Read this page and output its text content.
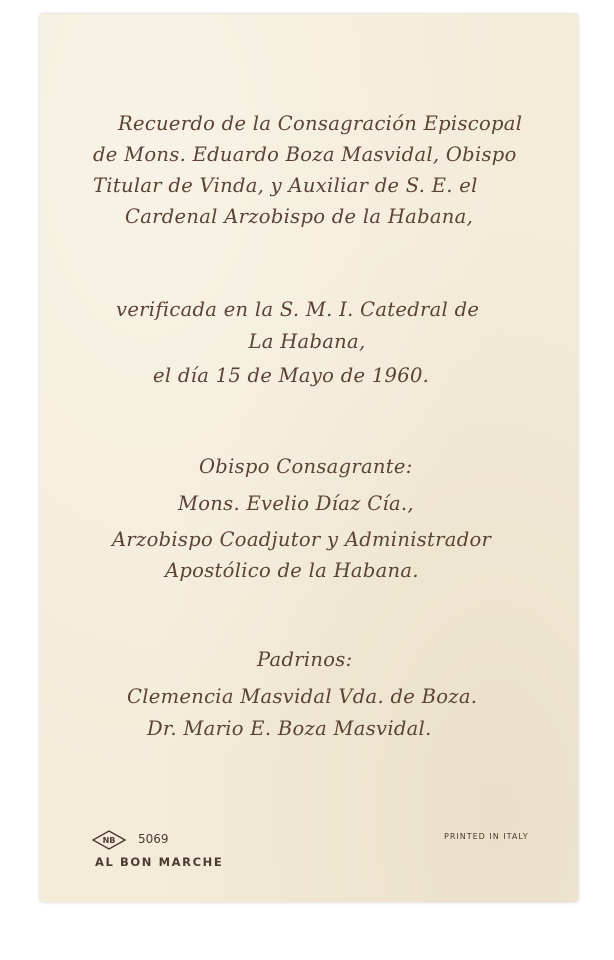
Recuerdo de la Consagración Episcopal
de Mons. Eduardo Boza Masvidal, Obispo
Titular de Vinda, y Auxiliar de S. E. el
Cardenal Arzobispo de la Habana,
verificada en la S. M. I. Catedral de
La Habana,
el día 15 de Mayo de 1960.
Obispo Consagrante:
Mons. Evelio Díaz Cía.,
Arzobispo Coadjutor y Administrador
Apostólico de la Habana.
Padrinos:
Clemencia Masvidal Vda. de Boza.
Dr. Mario E. Boza Masvidal.
NB 5069
AL BON MARCHE
PRINTED IN ITALY
